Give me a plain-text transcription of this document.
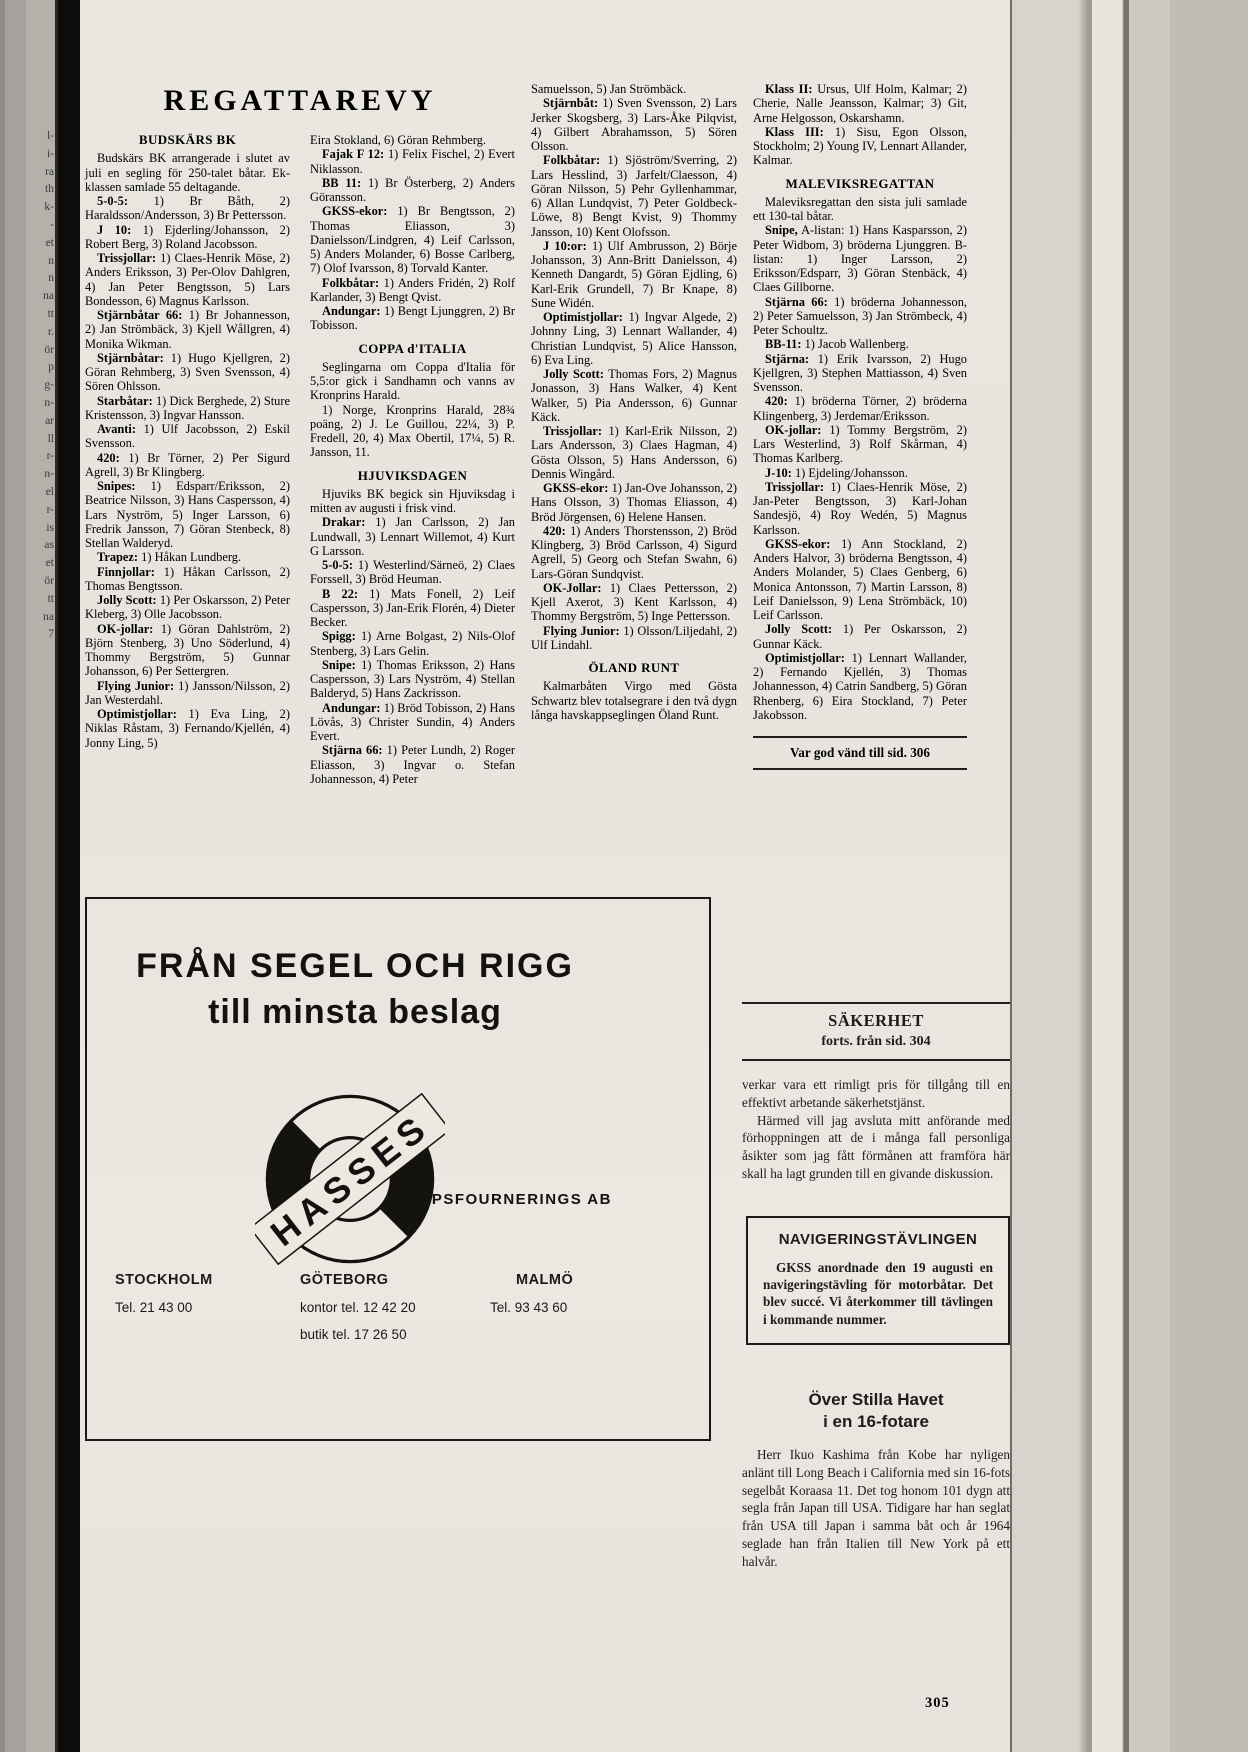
l-
i-
ra
th
k-
-
et
n
n
na
tt
r.
ör
p
g-
n-
ar
ll
r-
n-
el
r-
is
as
et
ör
tt
na
7
REGATTAREVY
BUDSKÄRS BK
Budskärs BK arrangerade i slutet av juli en segling för 250-talet båtar. Ek-klassen samlade 55 deltagande.
5-0-5: 1) Br Båth, 2) Haraldsson/Andersson, 3) Br Pettersson.
J 10: 1) Ejderling/Johansson, 2) Robert Berg, 3) Roland Jacobsson.
Trissjollar: 1) Claes-Henrik Möse, 2) Anders Eriksson, 3) Per-Olov Dahlgren, 4) Jan Peter Bengtsson, 5) Lars Bondesson, 6) Magnus Karlsson.
Stjärnbåtar 66: 1) Br Johannesson, 2) Jan Strömbäck, 3) Kjell Wållgren, 4) Monika Wikman.
Stjärnbåtar: 1) Hugo Kjellgren, 2) Göran Rehmberg, 3) Sven Svensson, 4) Sören Ohlsson.
Starbåtar: 1) Dick Berghede, 2) Sture Kristensson, 3) Ingvar Hansson.
Avanti: 1) Ulf Jacobsson, 2) Eskil Svensson.
420: 1) Br Törner, 2) Per Sigurd Agrell, 3) Br Klingberg.
Snipes: 1) Edsparr/Eriksson, 2) Beatrice Nilsson, 3) Hans Caspersson, 4) Lars Nyström, 5) Inger Larsson, 6) Fredrik Jansson, 7) Göran Stenbeck, 8) Stellan Walderyd.
Trapez: 1) Håkan Lundberg.
Finnjollar: 1) Håkan Carlsson, 2) Thomas Bengtsson.
Jolly Scott: 1) Per Oskarsson, 2) Peter Kleberg, 3) Olle Jacobsson.
OK-jollar: 1) Göran Dahlström, 2) Björn Stenberg, 3) Uno Söderlund, 4) Thommy Bergström, 5) Gunnar Johansson, 6) Per Settergren.
Flying Junior: 1) Jansson/Nilsson, 2) Jan Westerdahl.
Optimistjollar: 1) Eva Ling, 2) Niklas Råstam, 3) Fernando/Kjellén, 4) Jonny Ling, 5)
Eira Stokland, 6) Göran Rehmberg.
Fajak F 12: 1) Felix Fischel, 2) Evert Niklasson.
BB 11: 1) Br Österberg, 2) Anders Göransson.
GKSS-ekor: 1) Br Bengtsson, 2) Thomas Eliasson, 3) Danielsson/Lindgren, 4) Leif Carlsson, 5) Anders Molander, 6) Bosse Carlberg, 7) Olof Ivarsson, 8) Torvald Kanter.
Folkbåtar: 1) Anders Fridén, 2) Rolf Karlander, 3) Bengt Qvist.
Andungar: 1) Bengt Ljunggren, 2) Br Tobisson.
COPPA d'ITALIA
Seglingarna om Coppa d'Italia för 5,5:or gick i Sandhamn och vanns av Kronprins Harald.
1) Norge, Kronprins Harald, 28¾ poäng, 2) J. Le Guillou, 22¼, 3) P. Fredell, 20, 4) Max Obertil, 17¼, 5) R. Jansson, 11.
HJUVIKSDAGEN
Hjuviks BK begick sin Hjuviksdag i mitten av augusti i frisk vind.
Drakar: 1) Jan Carlsson, 2) Jan Lundwall, 3) Lennart Willemot, 4) Kurt G Larsson.
5-0-5: 1) Westerlind/Särneö, 2) Claes Forssell, 3) Bröd Heuman.
B 22: 1) Mats Fonell, 2) Leif Caspersson, 3) Jan-Erik Florén, 4) Dieter Becker.
Spigg: 1) Arne Bolgast, 2) Nils-Olof Stenberg, 3) Lars Gelin.
Snipe: 1) Thomas Eriksson, 2) Hans Caspersson, 3) Lars Nyström, 4) Stellan Balderyd, 5) Hans Zackrisson.
Andungar: 1) Bröd Tobisson, 2) Hans Lövås, 3) Christer Sundin, 4) Anders Evert.
Stjärna 66: 1) Peter Lundh, 2) Roger Eliasson, 3) Ingvar o. Stefan Johannesson, 4) Peter
Samuelsson, 5) Jan Strömbäck.
Stjärnbåt: 1) Sven Svensson, 2) Lars Jerker Skogsberg, 3) Lars-Åke Pilqvist, 4) Gilbert Abrahamsson, 5) Sören Olsson.
Folkbåtar: 1) Sjöström/Sverring, 2) Lars Hesslind, 3) Jarfelt/Claesson, 4) Göran Nilsson, 5) Pehr Gyllenhammar, 6) Allan Lundqvist, 7) Peter Goldbeck-Löwe, 8) Bengt Kvist, 9) Thommy Jansson, 10) Kent Olofsson.
J 10:or: 1) Ulf Ambrusson, 2) Börje Johansson, 3) Ann-Britt Danielsson, 4) Kenneth Dangardt, 5) Göran Ejdling, 6) Karl-Erik Grundell, 7) Br Knape, 8) Sune Widén.
Optimistjollar: 1) Ingvar Algede, 2) Johnny Ling, 3) Lennart Wallander, 4) Christian Lundqvist, 5) Alice Hansson, 6) Eva Ling.
Jolly Scott: Thomas Fors, 2) Magnus Jonasson, 3) Hans Walker, 4) Kent Walker, 5) Pia Andersson, 6) Gunnar Käck.
Trissjollar: 1) Karl-Erik Nilsson, 2) Lars Andersson, 3) Claes Hagman, 4) Gösta Olsson, 5) Hans Andersson, 6) Dennis Wingård.
GKSS-ekor: 1) Jan-Ove Johansson, 2) Hans Olsson, 3) Thomas Eliasson, 4) Bröd Jörgensen, 6) Helene Hansen.
420: 1) Anders Thorstensson, 2) Bröd Klingberg, 3) Bröd Carlsson, 4) Sigurd Agrell, 5) Georg och Stefan Swahn, 6) Lars-Göran Sundqvist.
OK-Jollar: 1) Claes Pettersson, 2) Kjell Axerot, 3) Kent Karlsson, 4) Thommy Bergström, 5) Inge Pettersson.
Flying Junior: 1) Olsson/Liljedahl, 2) Ulf Lindahl.
ÖLAND RUNT
Kalmarbåten Virgo med Gösta Schwartz blev totalsegrare i den två dygn långa havskappseglingen Öland Runt.
Klass II: Ursus, Ulf Holm, Kalmar; 2) Cherie, Nalle Jeansson, Kalmar; 3) Git, Arne Helgosson, Oskarshamn.
Klass III: 1) Sisu, Egon Olsson, Stockholm; 2) Young IV, Lennart Allander, Kalmar.
MALEVIKSREGATTAN
Maleviksregattan den sista juli samlade ett 130-tal båtar.
Snipe, A-listan: 1) Hans Kasparsson, 2) Peter Widbom, 3) bröderna Ljunggren. B-listan: 1) Inger Larsson, 2) Eriksson/Edsparr, 3) Göran Stenbäck, 4) Claes Gillborne.
Stjärna 66: 1) bröderna Johannesson, 2) Peter Samuelsson, 3) Jan Strömbeck, 4) Peter Schoultz.
BB-11: 1) Jacob Wallenberg.
Stjärna: 1) Erik Ivarsson, 2) Hugo Kjellgren, 3) Stephen Mattiasson, 4) Sven Svensson.
420: 1) bröderna Törner, 2) bröderna Klingenberg, 3) Jerdemar/Eriksson.
OK-jollar: 1) Tommy Bergström, 2) Lars Westerlind, 3) Rolf Skårman, 4) Thomas Karlberg.
J-10: 1) Ejdeling/Johansson.
Trissjollar: 1) Claes-Henrik Möse, 2) Jan-Peter Bengtsson, 3) Karl-Johan Sandesjö, 4) Roy Wedén, 5) Magnus Karlsson.
GKSS-ekor: 1) Ann Stockland, 2) Anders Halvor, 3) bröderna Bengtsson, 4) Anders Molander, 5) Claes Genberg, 6) Monica Antonsson, 7) Martin Larsson, 8) Leif Danielsson, 9) Lena Strömbäck, 10) Leif Carlsson.
Jolly Scott: 1) Per Oskarsson, 2) Gunnar Käck.
Optimistjollar: 1) Lennart Wallander, 2) Fernando Kjellén, 3) Thomas Johannesson, 4) Catrin Sandberg, 5) Göran Rhenberg, 6) Eira Stockland, 7) Peter Jakobsson.
Var god vänd till sid. 306
FRÅN SEGEL OCH RIGG
till minsta beslag
HASSES
SKEPPSFOURNERINGS AB
STOCKHOLM
Tel. 21 43 00
GÖTEBORG
kontor tel. 12 42 20
butik tel. 17 26 50
MALMÖ
Tel. 93 43 60
SÄKERHET
forts. från sid. 304

verkar vara ett rimligt pris för tillgång till en effektivt arbetande säkerhetstjänst.

Härmed vill jag avsluta mitt anförande med förhoppningen att de i många fall personliga åsikter som jag fått förmånen att framföra här skall ha lagt grunden till en givande diskussion.

NAVIGERINGSTÄVLINGEN
GKSS anordnade den 19 augusti en navigeringstävling för motorbåtar. Det blev succé. Vi återkommer till tävlingen i kommande nummer.
Över Stilla Havet
i en 16-fotare
Herr Ikuo Kashima från Kobe har nyligen anlänt till Long Beach i California med sin 16-fots segelbåt Koraasa 11. Det tog honom 101 dygn att segla från Japan till USA. Tidigare har han seglat från USA till Japan i samma båt och år 1964 seglade han från Italien till New York på ett halvår.
305
